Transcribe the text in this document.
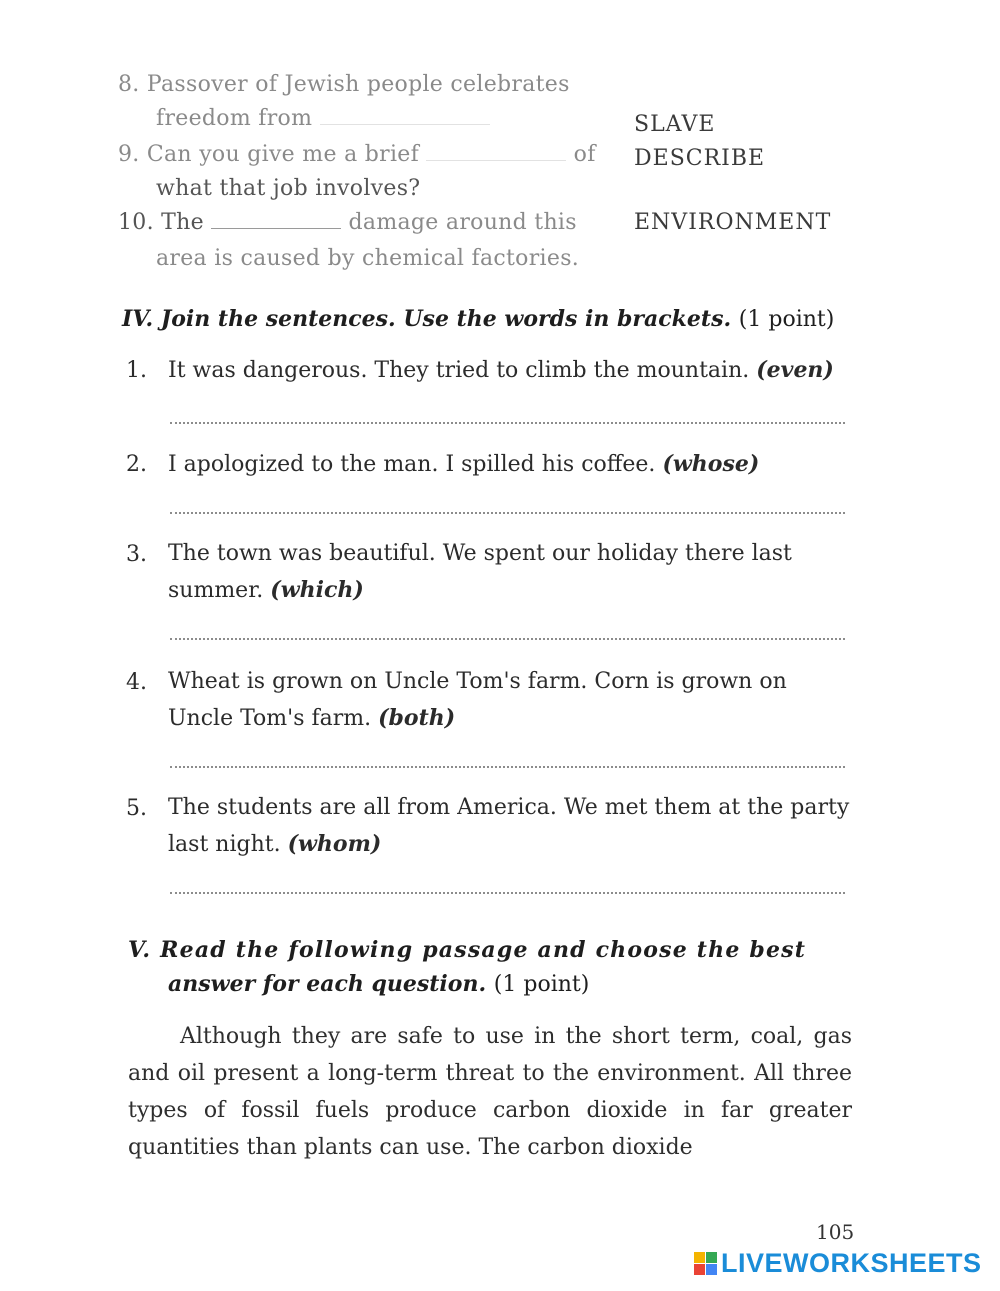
8. Passover of Jewish people celebrates
freedom from	SLAVE
9. Can you give me a brief	of
what that job involves?
DESCRIBE
10. The	damage around this
area is caused by chemical factories.
ENVIRONMENT
IV. Join the sentences. Use the words in brackets. (1 point)
1. It was dangerous. They tried to climb the mountain. (even)
2. I apologized to the man. I spilled his coffee. (whose)
3. The town was beautiful. We spent our holiday there last summer. (which)
4. Wheat is grown on Uncle Tom's farm. Corn is grown on Uncle Tom's farm. (both)
5. The students are all from America. We met them at the party last night. (whom)
V. Read the following passage and choose the best
answer for each question. (1 point)

Although they are safe to use in the short term, coal, gas and oil present a long-term threat to the environment. All three types of fossil fuels produce carbon dioxide in far greater quantities than plants can use. The carbon dioxide

105
LIVEWORKSHEETS
